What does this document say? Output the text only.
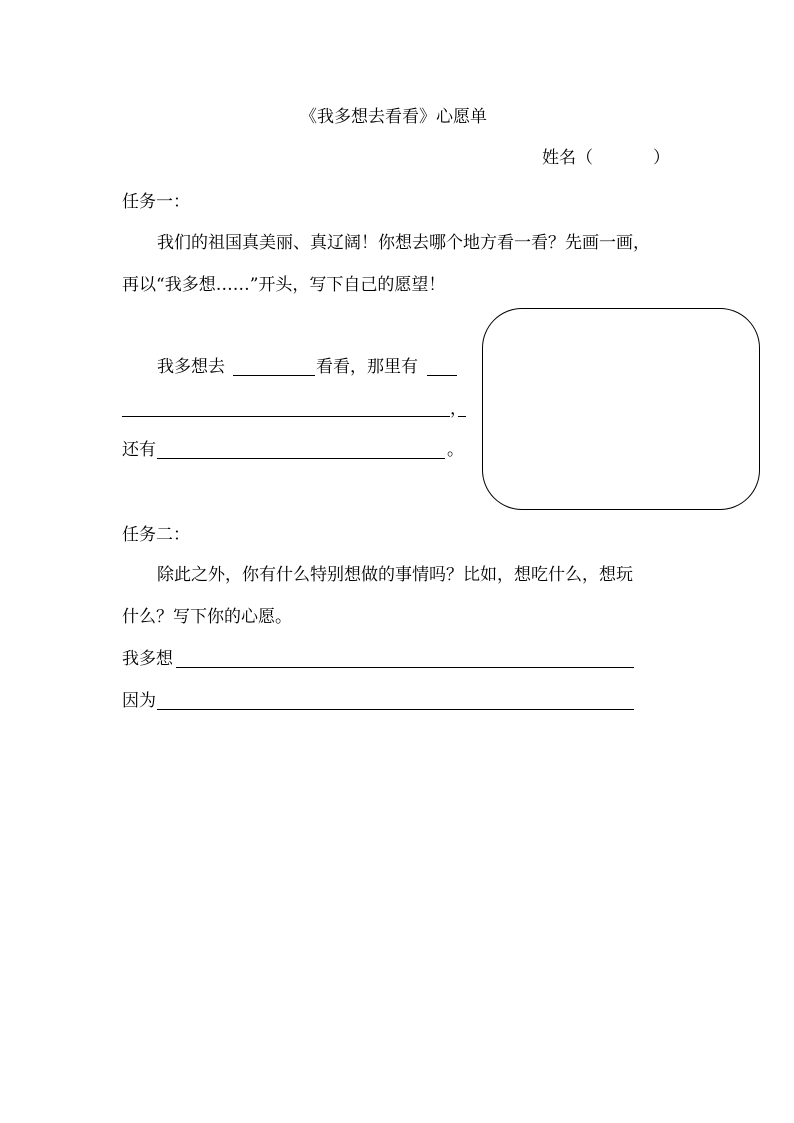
《我多想去看看》心愿单
姓名（	）
任务一：
我们的祖国真美丽、真辽阔！你想去哪个地方看一看？先画一画，
再以“我多想……”开头，写下自己的愿望！
我多想去	看看，那里有
，
还有	。
任务二：
除此之外，你有什么特别想做的事情吗？比如，想吃什么，想玩
什么？写下你的心愿。
我多想
因为
